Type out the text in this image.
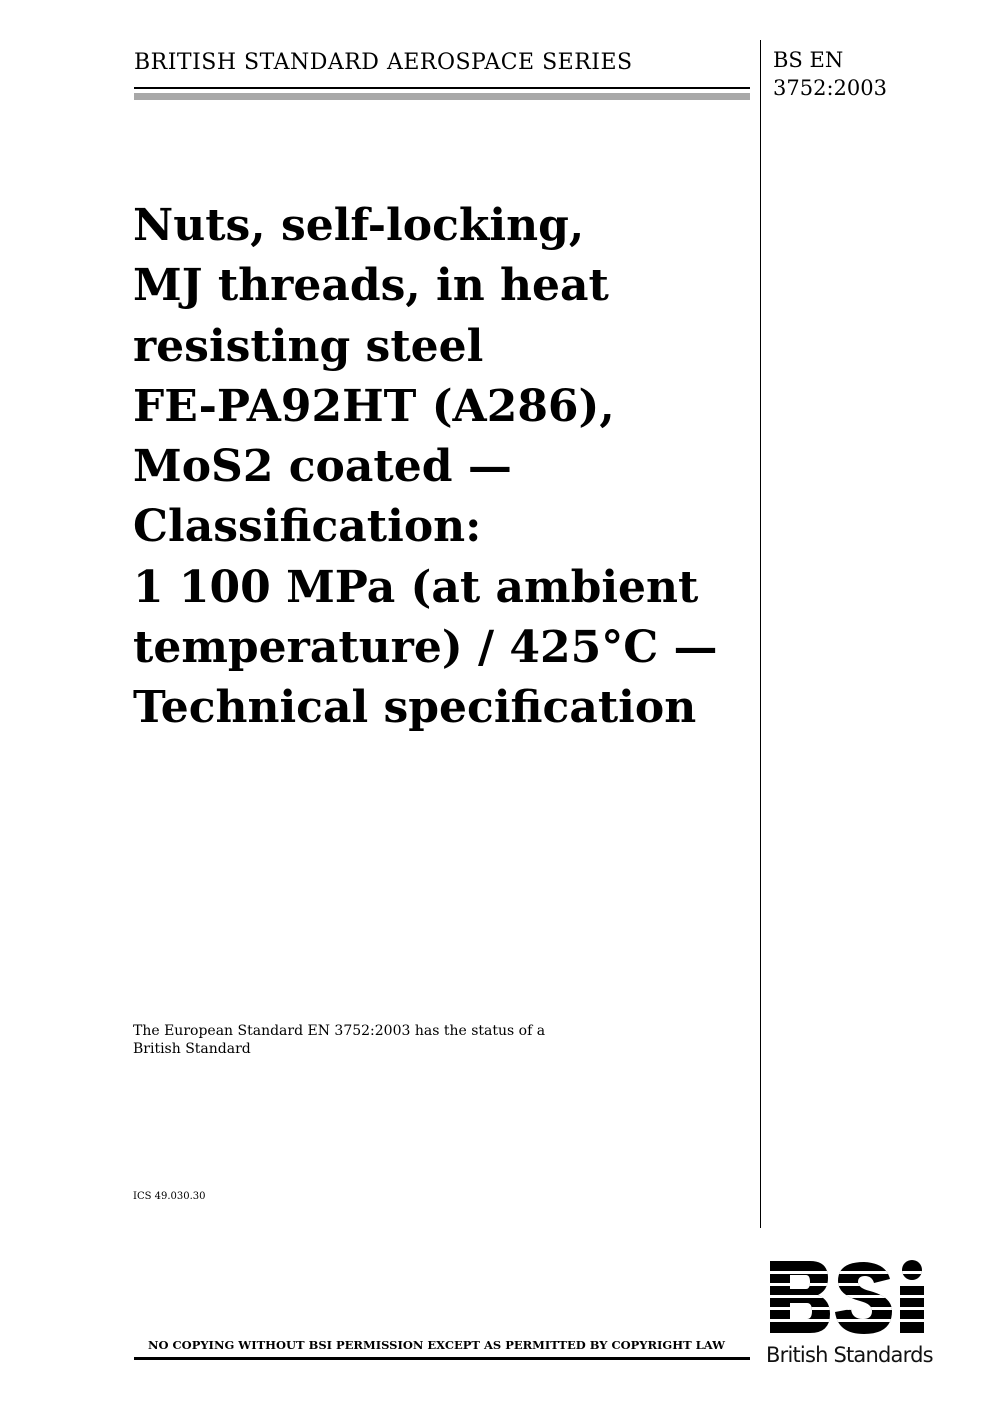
BRITISH STANDARD AEROSPACE SERIES	BS EN
3752:2003
Nuts, self-locking,
MJ threads, in heat
resisting steel
FE-PA92HT (A286),
MoS2 coated —
Classification:
1 100 MPa (at ambient
temperature) / 425°C —
Technical specification
The European Standard EN 3752:2003 has the status of a
British Standard
ICS 49.030.30
NO COPYING WITHOUT BSI PERMISSION EXCEPT AS PERMITTED BY COPYRIGHT LAW British Standards
